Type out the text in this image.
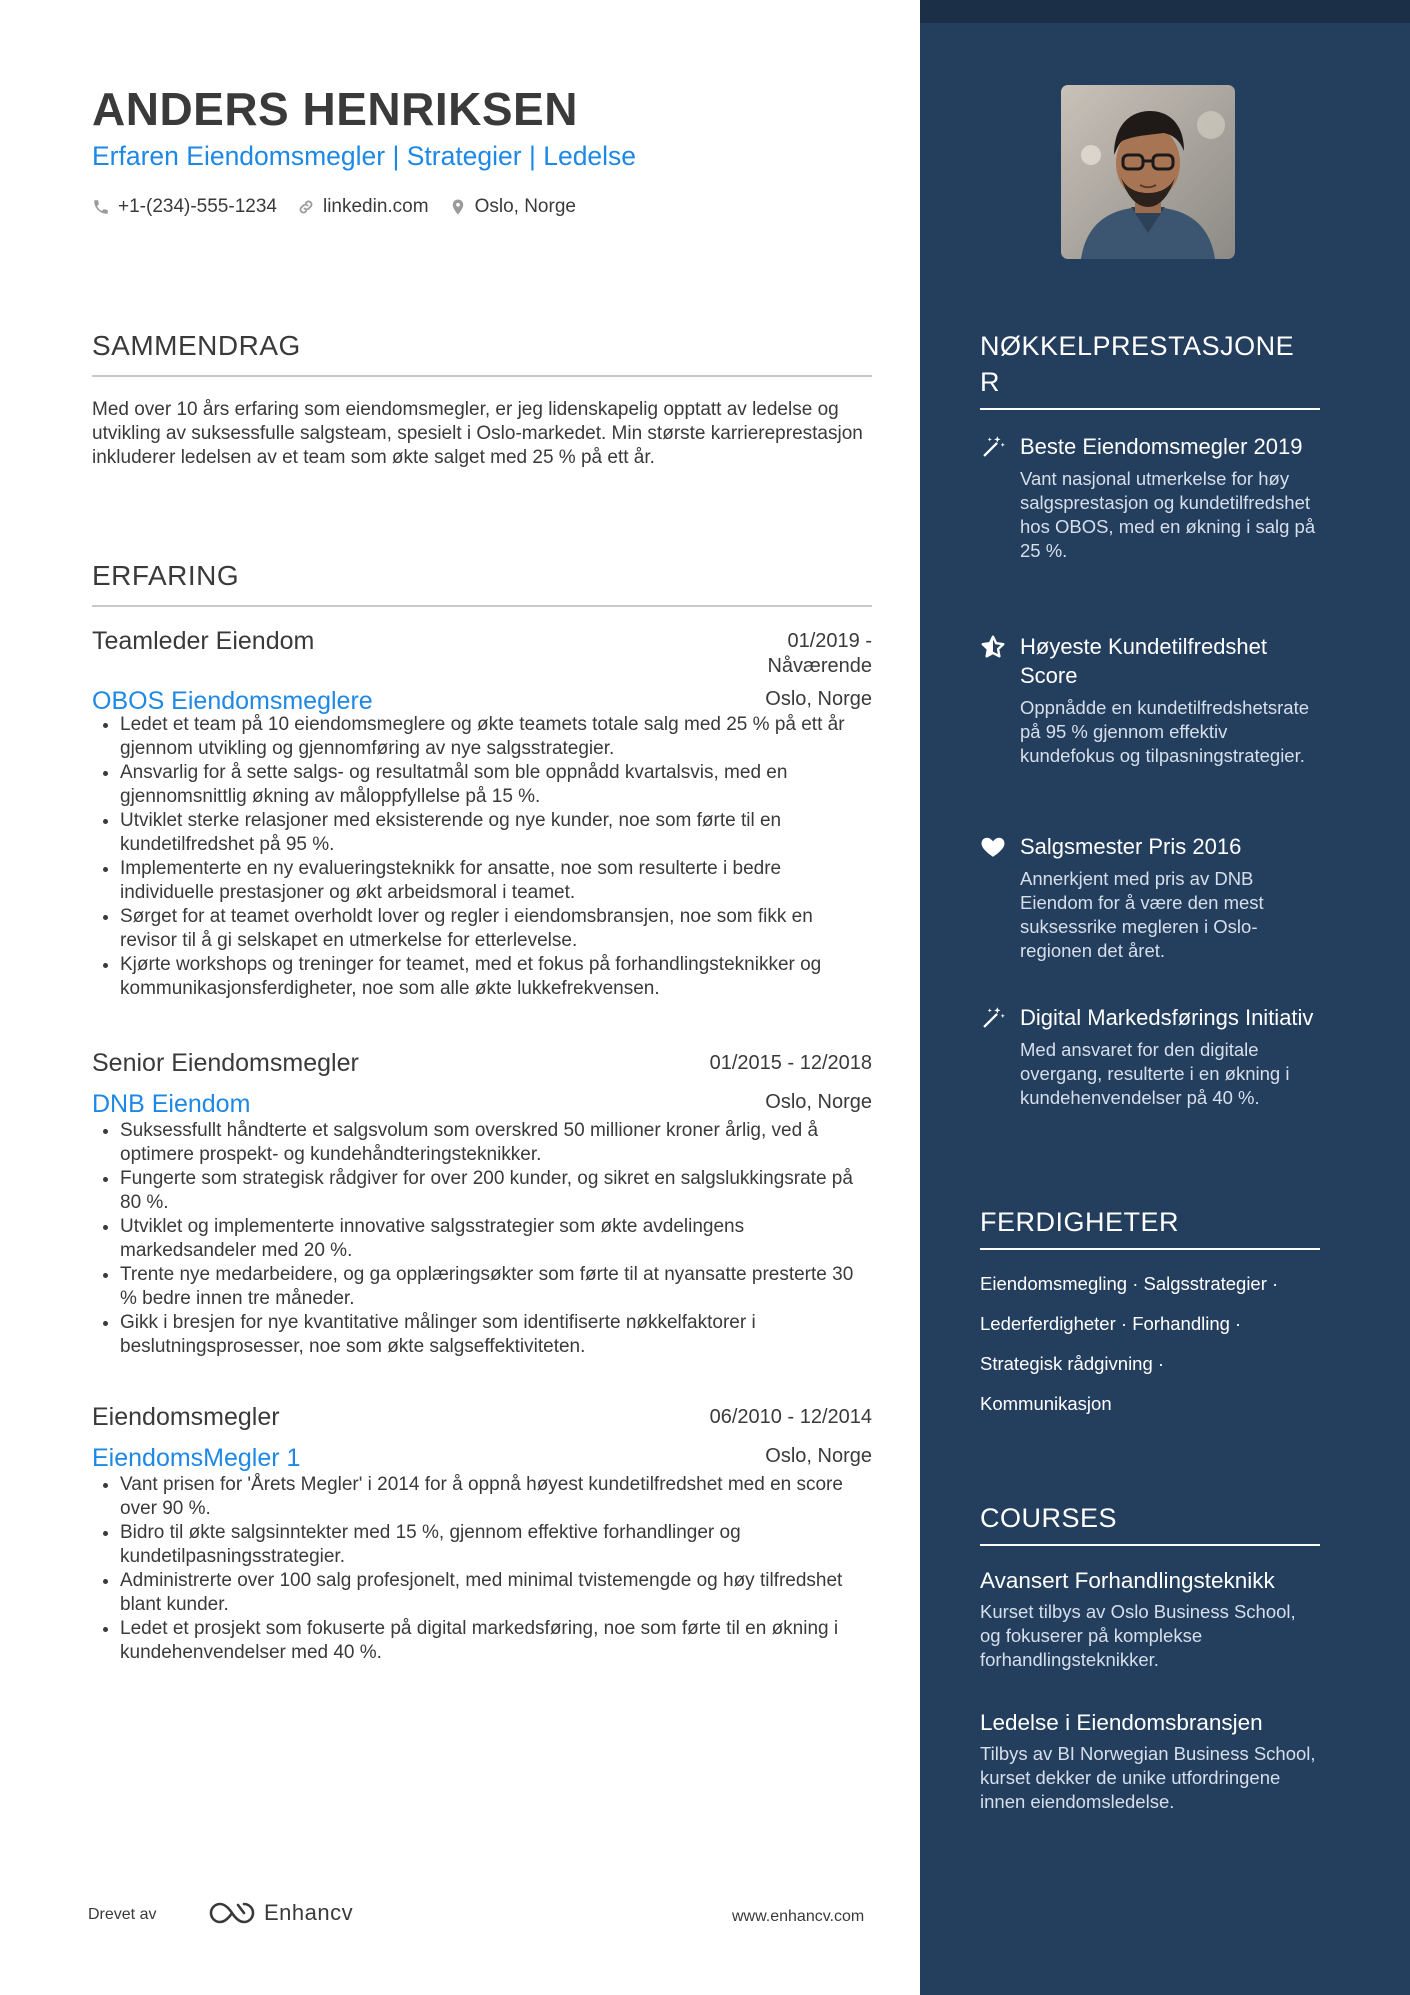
ANDERS HENRIKSEN
Erfaren Eiendomsmegler | Strategier | Ledelse
+1-(234)-555-1234 linkedin.com Oslo, Norge
SAMMENDRAG
Med over 10 års erfaring som eiendomsmegler, er jeg lidenskapelig opptatt av ledelse og utvikling av suksessfulle salgsteam, spesielt i Oslo-markedet. Min største karriereprestasjon inkluderer ledelsen av et team som økte salget med 25 % på ett år.
ERFARING
Teamleder Eiendom	01/2019 -
Nåværende
OBOS Eiendomsmeglere	Oslo, Norge
• Ledet et team på 10 eiendomsmeglere og økte teamets totale salg med 25 % på ett år gjennom utvikling og gjennomføring av nye salgsstrategier.
• Ansvarlig for å sette salgs- og resultatmål som ble oppnådd kvartalsvis, med en gjennomsnittlig økning av måloppfyllelse på 15 %.
• Utviklet sterke relasjoner med eksisterende og nye kunder, noe som førte til en kundetilfredshet på 95 %.
• Implementerte en ny evalueringsteknikk for ansatte, noe som resulterte i bedre individuelle prestasjoner og økt arbeidsmoral i teamet.
• Sørget for at teamet overholdt lover og regler i eiendomsbransjen, noe som fikk en revisor til å gi selskapet en utmerkelse for etterlevelse.
• Kjørte workshops og treninger for teamet, med et fokus på forhandlingsteknikker og kommunikasjonsferdigheter, noe som alle økte lukkefrekvensen.
Senior Eiendomsmegler	01/2015 - 12/2018
DNB Eiendom	Oslo, Norge
• Suksessfullt håndterte et salgsvolum som overskred 50 millioner kroner årlig, ved å optimere prospekt- og kundehåndteringsteknikker.
• Fungerte som strategisk rådgiver for over 200 kunder, og sikret en salgslukkingsrate på 80 %.
• Utviklet og implementerte innovative salgsstrategier som økte avdelingens markedsandeler med 20 %.
• Trente nye medarbeidere, og ga opplæringsøkter som førte til at nyansatte presterte 30 % bedre innen tre måneder.
• Gikk i bresjen for nye kvantitative målinger som identifiserte nøkkelfaktorer i beslutningsprosesser, noe som økte salgseffektiviteten.
Eiendomsmegler	06/2010 - 12/2014
EiendomsMegler 1	Oslo, Norge
• Vant prisen for 'Årets Megler' i 2014 for å oppnå høyest kundetilfredshet med en score over 90 %.
• Bidro til økte salgsinntekter med 15 %, gjennom effektive forhandlinger og kundetilpasningsstrategier.
• Administrerte over 100 salg profesjonelt, med minimal tvistemengde og høy tilfredshet blant kunder.
• Ledet et prosjekt som fokuserte på digital markedsføring, noe som førte til en økning i kundehenvendelser med 40 %.
Drevet av	Enhancv	www.enhancv.com
NØKKELPRESTASJONE
R
Beste Eiendomsmegler 2019
Vant nasjonal utmerkelse for høy salgsprestasjon og kundetilfredshet hos OBOS, med en økning i salg på 25 %.
Høyeste Kundetilfredshet Score
Oppnådde en kundetilfredshetsrate på 95 % gjennom effektiv kundefokus og tilpasningstrategier.
Salgsmester Pris 2016
Annerkjent med pris av DNB Eiendom for å være den mest suksessrike megleren i Oslo-regionen det året.
Digital Markedsførings Initiativ
Med ansvaret for den digitale overgang, resulterte i en økning i kundehenvendelser på 40 %.
FERDIGHETER
Eiendomsmegling · Salgsstrategier ·
Lederferdigheter · Forhandling ·
Strategisk rådgivning ·
Kommunikasjon
COURSES
Avansert Forhandlingsteknikk
Kurset tilbys av Oslo Business School, og fokuserer på komplekse forhandlingsteknikker.
Ledelse i Eiendomsbransjen
Tilbys av BI Norwegian Business School, kurset dekker de unike utfordringene innen eiendomsledelse.
